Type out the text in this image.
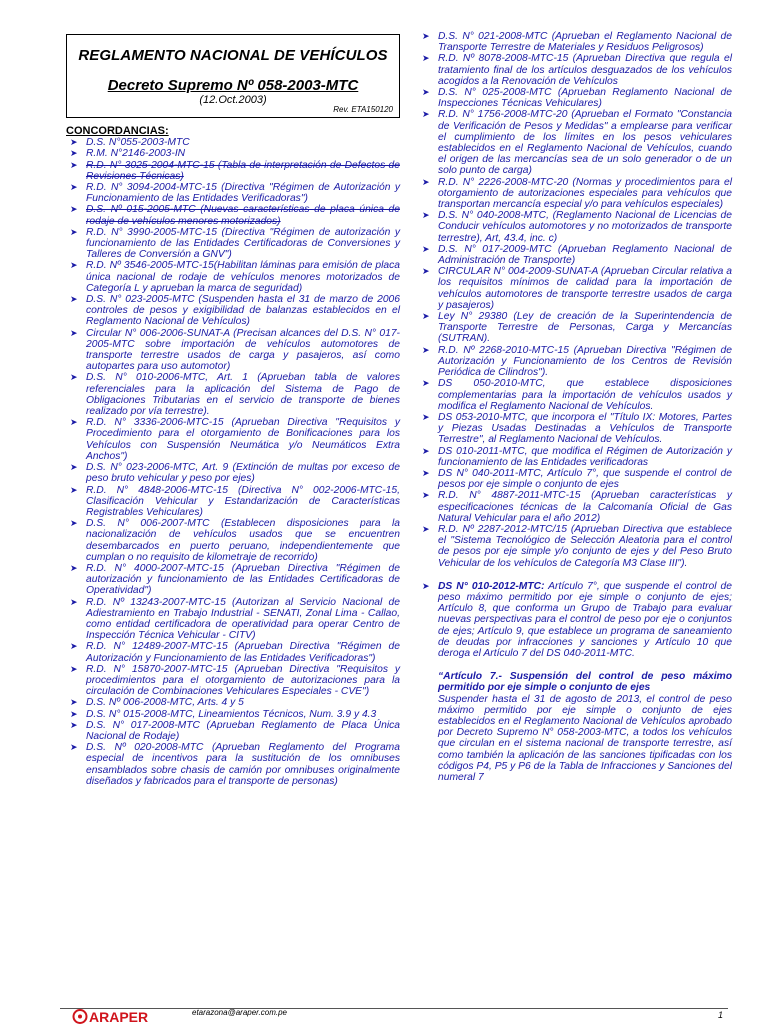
REGLAMENTO NACIONAL DE VEHÍCULOS
Decreto Supremo Nº 058-2003-MTC
(12.Oct.2003)
Rev. ETA150120
CONCORDANCIAS:
➤ D.S. N°055-2003-MTC
➤ R.M. N°2146-2003-IN
➤ R.D. N° 3025-2004-MTC-15 (Tabla de interpretación de Defectos de Revisiones Técnicas)
➤ R.D. N° 3094-2004-MTC-15 (Directiva "Régimen de Autorización y Funcionamiento de las Entidades Verificadoras")
➤ D.S. Nº 015-2005-MTC (Nuevas características de placa única de rodaje de vehículos menores motorizados)
➤ R.D. N° 3990-2005-MTC-15 (Directiva "Régimen de autorización y funcionamiento de las Entidades Certificadoras de Conversiones y Talleres de Conversión a GNV")
➤ R.D. Nº 3546-2005-MTC-15(Habilitan láminas para emisión de placa única nacional de rodaje de vehículos menores motorizados de Categoría L y aprueban la marca de seguridad)
➤ D.S. N° 023-2005-MTC (Suspenden hasta el 31 de marzo de 2006 controles de pesos y exigibilidad de balanzas establecidos en el Reglamento Nacional de Vehículos)
➤ Circular N° 006-2006-SUNAT-A (Precisan alcances del D.S. N° 017-2005-MTC sobre importación de vehículos automotores de transporte terrestre usados de carga y pasajeros, así como autopartes para uso automotor)
➤ D.S. N° 010-2006-MTC, Art. 1 (Aprueban tabla de valores referenciales para la aplicación del Sistema de Pago de Obligaciones Tributarias en el servicio de transporte de bienes realizado por vía terrestre).
➤ R.D. N° 3336-2006-MTC-15 (Aprueban Directiva "Requisitos y Procedimiento para el otorgamiento de Bonificaciones para los Vehículos con Suspensión Neumática y/o Neumáticos Extra Anchos")
➤ D.S. N° 023-2006-MTC, Art. 9 (Extinción de multas por exceso de peso bruto vehicular y peso por ejes)
➤ R.D. N° 4848-2006-MTC-15 (Directiva N° 002-2006-MTC-15, Clasificación Vehicular y Estandarización de Características Registrables Vehiculares)
➤ D.S. N° 006-2007-MTC (Establecen disposiciones para la nacionalización de vehículos usados que se encuentren desembarcados en puerto peruano, independientemente que cumplan o no requisito de kilometraje de recorrido)
➤ R.D. N° 4000-2007-MTC-15 (Aprueban Directiva "Régimen de autorización y funcionamiento de las Entidades Certificadoras de Operatividad")
➤ R.D. Nº 13243-2007-MTC-15 (Autorizan al Servicio Nacional de Adiestramiento en Trabajo Industrial - SENATI, Zonal Lima - Callao, como entidad certificadora de operatividad para operar Centro de Inspección Técnica Vehicular - CITV)
➤ R.D. N° 12489-2007-MTC-15 (Aprueban Directiva "Régimen de Autorización y Funcionamiento de las Entidades Verificadoras")
➤ R.D. N° 15870-2007-MTC-15 (Aprueban Directiva "Requisitos y procedimientos para el otorgamiento de autorizaciones para la circulación de Combinaciones Vehiculares Especiales - CVE")
➤ D.S. Nº 006-2008-MTC, Arts. 4 y 5
➤ D.S. N° 015-2008-MTC, Lineamientos Técnicos, Num. 3.9 y 4.3
➤ D.S. N° 017-2008-MTC (Aprueban Reglamento de Placa Única Nacional de Rodaje)
➤ D.S. Nº 020-2008-MTC (Aprueban Reglamento del Programa especial de incentivos para la sustitución de los omnibuses ensamblados sobre chasis de camión por omnibuses originalmente diseñados y fabricados para el transporte de personas)
➤ D.S. N° 021-2008-MTC (Aprueban el Reglamento Nacional de Transporte Terrestre de Materiales y Residuos Peligrosos)
➤ R.D. Nº 8078-2008-MTC-15 (Aprueban Directiva que regula el tratamiento final de los artículos desguazados de los vehículos acogidos a la Renovación de Vehículos
➤ D.S. N° 025-2008-MTC (Aprueban Reglamento Nacional de Inspecciones Técnicas Vehiculares)
➤ R.D. N° 1756-2008-MTC-20 (Aprueban el Formato "Constancia de Verificación de Pesos y Medidas" a emplearse para verificar el cumplimiento de los límites en los pesos vehiculares establecidos en el Reglamento Nacional de Vehículos, cuando el origen de las mercancías sea de un solo generador o de un solo punto de carga)
➤ R.D. N° 2226-2008-MTC-20 (Normas y procedimientos para el otorgamiento de autorizaciones especiales para vehículos que transportan mercancía especial y/o para vehículos especiales)
➤ D.S. N° 040-2008-MTC, (Reglamento Nacional de Licencias de Conducir vehículos automotores y no motorizados de transporte terrestre), Art, 43.4, inc. c)
➤ D.S. N° 017-2009-MTC (Aprueban Reglamento Nacional de Administración de Transporte)
➤ CIRCULAR N° 004-2009-SUNAT-A (Aprueban Circular relativa a los requisitos mínimos de calidad para la importación de vehículos automotores de transporte terrestre usados de carga y pasajeros)
➤ Ley N° 29380 (Ley de creación de la Superintendencia de Transporte Terrestre de Personas, Carga y Mercancías (SUTRAN).
➤ R.D. Nº 2268-2010-MTC-15 (Aprueban Directiva "Régimen de Autorización y Funcionamiento de los Centros de Revisión Periódica de Cilindros").
➤ DS 050-2010-MTC, que establece disposiciones complementarias para la importación de vehículos usados y modifica el Reglamento Nacional de Vehículos.
➤ DS 053-2010-MTC, que incorpora el "Título IX: Motores, Partes y Piezas Usadas Destinadas a Vehículos de Transporte Terrestre", al Reglamento Nacional de Vehículos.
➤ DS 010-2011-MTC, que modifica el Régimen de Autorización y funcionamiento de las Entidades verificadoras
➤ DS N° 040-2011-MTC, Artículo 7°, que suspende el control de pesos por eje simple o conjunto de ejes
➤ R.D. N° 4887-2011-MTC-15 (Aprueban características y especificaciones técnicas de la Calcomanía Oficial de Gas Natural Vehicular para el año 2012)
➤ R.D. Nº 2287-2012-MTC/15 (Aprueban Directiva que establece el "Sistema Tecnológico de Selección Aleatoria para el control de pesos por eje simple y/o conjunto de ejes y del Peso Bruto Vehicular de los vehículos de Categoría M3 Clase III").
➤ DS N° 010-2012-MTC: Artículo 7°, que suspende el control de peso máximo permitido por eje simple o conjunto de ejes; Artículo 8, que conforma un Grupo de Trabajo para evaluar nuevas perspectivas para el control de peso por eje o conjuntos de ejes; Artículo 9, que establece un programa de saneamiento de deudas por infracciones y sanciones y Artículo 10 que deroga el Artículo 7 del DS 040-2011-MTC.
“Artículo 7.- Suspensión del control de peso máximo permitido por eje simple o conjunto de ejes
Suspender hasta el 31 de agosto de 2013, el control de peso máximo permitido por eje simple o conjunto de ejes establecidos en el Reglamento Nacional de Vehículos aprobado por Decreto Supremo N° 058-2003-MTC, a todos los vehículos que circulan en el sistema nacional de transporte terrestre, así como también la aplicación de las sanciones tipificadas con los códigos P4, P5 y P6 de la Tabla de Infracciones y Sanciones del numeral 7
ARAPER	etarazona@araper.com.pe	1
